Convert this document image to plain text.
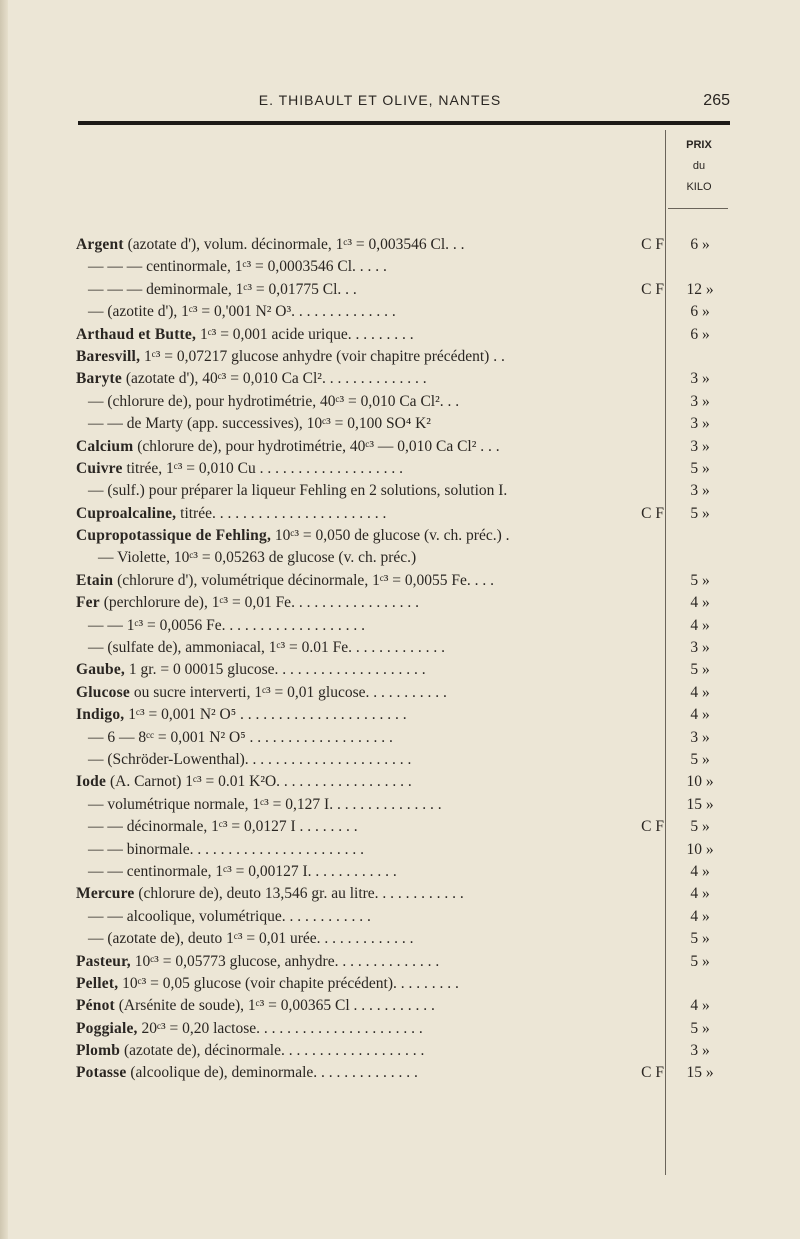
E. THIBAULT ET OLIVE, NANTES	265
PRIX
du
KILO
Argent (azotate d'), volum. décinormale, 1ᶜ³ = 0,003546 Cl. . .	C F	6 »
— — — centinormale, 1ᶜ³ = 0,0003546 Cl. . . . .
— — — deminormale, 1ᶜ³ = 0,01775 Cl. . .	C F	12 »
— (azotite d'), 1ᶜ³ = 0,'001 N² O³. . . . . . . . . . . . . .	6 »
Arthaud et Butte, 1ᶜ³ = 0,001 acide urique. . . . . . . . .	6 »
Baresvill, 1ᶜ³ = 0,07217 glucose anhydre (voir chapitre précédent) . .
Baryte (azotate d'), 40ᶜ³ = 0,010 Ca Cl². . . . . . . . . . . . . .	3 »
— (chlorure de), pour hydrotimétrie, 40ᶜ³ = 0,010 Ca Cl². . .	3 »
— — de Marty (app. successives), 10ᶜ³ = 0,100 SO⁴ K²	3 »
Calcium (chlorure de), pour hydrotimétrie, 40ᶜ³ — 0,010 Ca Cl² . . .	3 »
Cuivre titrée, 1ᶜ³ = 0,010 Cu . . . . . . . . . . . . . . . . . . .	5 »
— (sulf.) pour préparer la liqueur Fehling en 2 solutions, solution I.	3 »
Cuproalcaline, titrée. . . . . . . . . . . . . . . . . . . . . . .	C F	5 »
Cupropotassique de Fehling, 10ᶜ³ = 0,050 de glucose (v. ch. préc.) .
— Violette, 10ᶜ³ = 0,05263 de glucose (v. ch. préc.)
Etain (chlorure d'), volumétrique décinormale, 1ᶜ³ = 0,0055 Fe. . . .	5 »
Fer (perchlorure de), 1ᶜ³ = 0,01 Fe. . . . . . . . . . . . . . . . .	4 »
— — 1ᶜ³ = 0,0056 Fe. . . . . . . . . . . . . . . . . . .	4 »
— (sulfate de), ammoniacal, 1ᶜ³ = 0.01 Fe. . . . . . . . . . . . .	3 »
Gaube, 1 gr. = 0 00015 glucose. . . . . . . . . . . . . . . . . . . .	5 »
Glucose ou sucre interverti, 1ᶜ³ = 0,01 glucose. . . . . . . . . . .	4 »
Indigo, 1ᶜ³ = 0,001 N² O⁵ . . . . . . . . . . . . . . . . . . . . . .	4 »
— 6 — 8ᶜᶜ = 0,001 N² O⁵ . . . . . . . . . . . . . . . . . . .	3 »
— (Schröder-Lowenthal). . . . . . . . . . . . . . . . . . . . . .	5 »
Iode (A. Carnot) 1ᶜ³ = 0.01 K²O. . . . . . . . . . . . . . . . . .	10 »
— volumétrique normale, 1ᶜ³ = 0,127 I. . . . . . . . . . . . . . .	15 »
— — décinormale, 1ᶜ³ = 0,0127 I . . . . . . . .	C F	5 »
— — binormale. . . . . . . . . . . . . . . . . . . . . . .	10 »
— — centinormale, 1ᶜ³ = 0,00127 I. . . . . . . . . . . .	4 »
Mercure (chlorure de), deuto 13,546 gr. au litre. . . . . . . . . . . .	4 »
— — alcoolique, volumétrique. . . . . . . . . . . .	4 »
— (azotate de), deuto 1ᶜ³ = 0,01 urée. . . . . . . . . . . . .	5 »
Pasteur, 10ᶜ³ = 0,05773 glucose, anhydre. . . . . . . . . . . . . .	5 »
Pellet, 10ᶜ³ = 0,05 glucose (voir chapite précédent). . . . . . . . .
Pénot (Arsénite de soude), 1ᶜ³ = 0,00365 Cl . . . . . . . . . . .	4 »
Poggiale, 20ᶜ³ = 0,20 lactose. . . . . . . . . . . . . . . . . . . . . .	5 »
Plomb (azotate de), décinormale. . . . . . . . . . . . . . . . . . .	3 »
Potasse (alcoolique de), deminormale. . . . . . . . . . . . . .	C F	15 »
